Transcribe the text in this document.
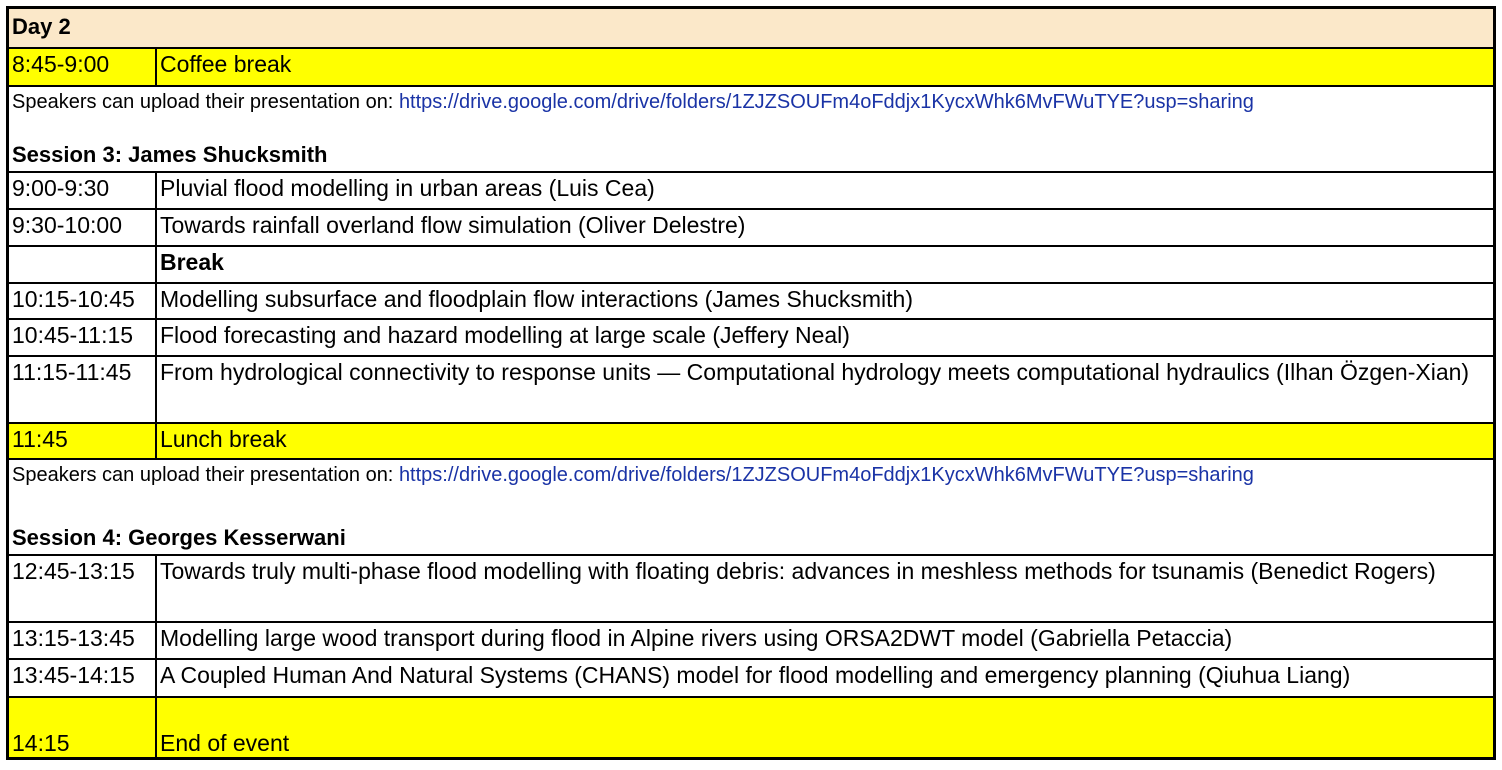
Day 2
8:45-9:00	Coffee break
Speakers can upload their presentation on: https://drive.google.com/drive/folders/1ZJZSOUFm4oFddjx1KycxWhk6MvFWuTYE?usp=sharing
Session 3: James Shucksmith
9:00-9:30	Pluvial flood modelling in urban areas (Luis Cea)
9:30-10:00	Towards rainfall overland flow simulation (Oliver Delestre)
Break
10:15-10:45	Modelling subsurface and floodplain flow interactions (James Shucksmith)
10:45-11:15	Flood forecasting and hazard modelling at large scale (Jeffery Neal)
11:15-11:45	From hydrological connectivity to response units — Computational hydrology meets computational hydraulics (Ilhan Özgen-Xian)
11:45	Lunch break
Speakers can upload their presentation on: https://drive.google.com/drive/folders/1ZJZSOUFm4oFddjx1KycxWhk6MvFWuTYE?usp=sharing
Session 4: Georges Kesserwani
12:45-13:15	Towards truly multi-phase flood modelling with floating debris: advances in meshless methods for tsunamis (Benedict Rogers)
13:15-13:45	Modelling large wood transport during flood in Alpine rivers using ORSA2DWT model (Gabriella Petaccia)
13:45-14:15	A Coupled Human And Natural Systems (CHANS) model for flood modelling and emergency planning (Qiuhua Liang)
14:15	End of event
